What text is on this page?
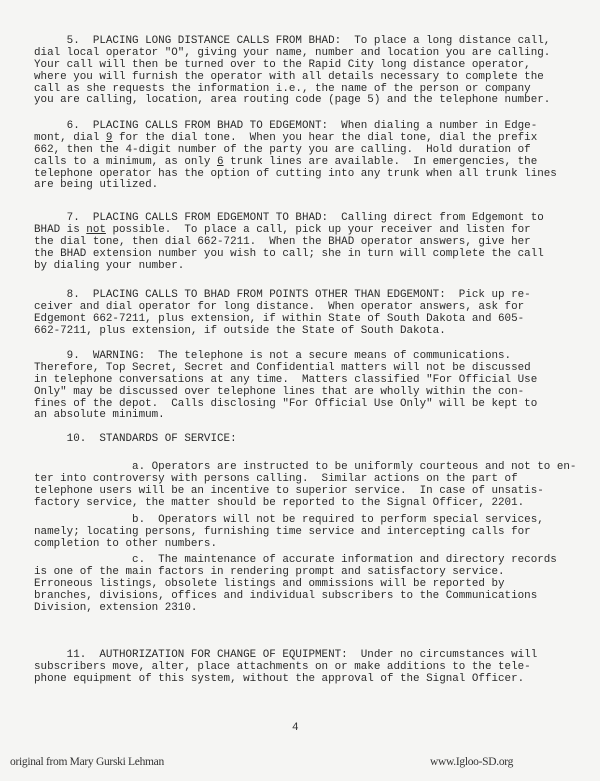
5.  PLACING LONG DISTANCE CALLS FROM BHAD:  To place a long distance call,
dial local operator "O", giving your name, number and location you are calling.
Your call will then be turned over to the Rapid City long distance operator,
where you will furnish the operator with all details necessary to complete the
call as she requests the information i.e., the name of the person or company
you are calling, location, area routing code (page 5) and the telephone number.
6.  PLACING CALLS FROM BHAD TO EDGEMONT:  When dialing a number in Edge-
mont, dial 9 for the dial tone.  When you hear the dial tone, dial the prefix
662, then the 4-digit number of the party you are calling.  Hold duration of
calls to a minimum, as only 6 trunk lines are available.  In emergencies, the
telephone operator has the option of cutting into any trunk when all trunk lines
are being utilized.
7.  PLACING CALLS FROM EDGEMONT TO BHAD:  Calling direct from Edgemont to
BHAD is not possible.  To place a call, pick up your receiver and listen for
the dial tone, then dial 662-7211.  When the BHAD operator answers, give her
the BHAD extension number you wish to call; she in turn will complete the call
by dialing your number.
8.  PLACING CALLS TO BHAD FROM POINTS OTHER THAN EDGEMONT:  Pick up re-
ceiver and dial operator for long distance.  When operator answers, ask for
Edgemont 662-7211, plus extension, if within State of South Dakota and 605-
662-7211, plus extension, if outside the State of South Dakota.
9.  WARNING:  The telephone is not a secure means of communications.
Therefore, Top Secret, Secret and Confidential matters will not be discussed
in telephone conversations at any time.  Matters classified "For Official Use
Only" may be discussed over telephone lines that are wholly within the con-
fines of the depot.  Calls disclosing "For Official Use Only" will be kept to
an absolute minimum.
10.  STANDARDS OF SERVICE:
a. Operators are instructed to be uniformly courteous and not to en-
ter into controversy with persons calling.  Similar actions on the part of
telephone users will be an incentive to superior service.  In case of unsatis-
factory service, the matter should be reported to the Signal Officer, 2201.
b.  Operators will not be required to perform special services,
namely; locating persons, furnishing time service and intercepting calls for
completion to other numbers.
c.  The maintenance of accurate information and directory records
is one of the main factors in rendering prompt and satisfactory service.
Erroneous listings, obsolete listings and ommissions will be reported by
branches, divisions, offices and individual subscribers to the Communications
Division, extension 2310.
11.  AUTHORIZATION FOR CHANGE OF EQUIPMENT:  Under no circumstances will
subscribers move, alter, place attachments on or make additions to the tele-
phone equipment of this system, without the approval of the Signal Officer.
4
original from Mary Gurski Lehman	www.Igloo-SD.org
